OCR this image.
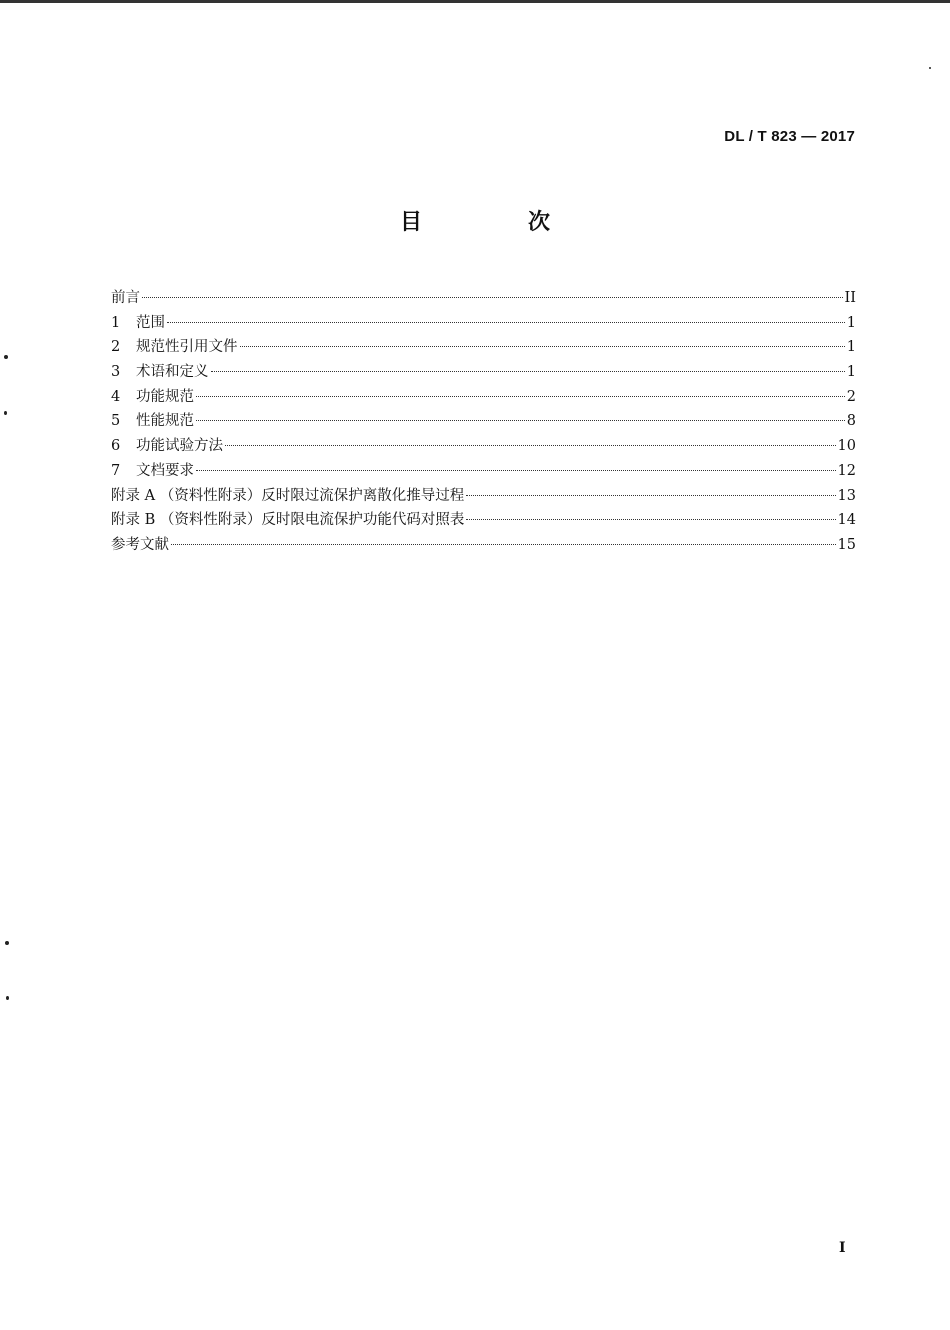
DL / T 823 — 2017
目　次
前言	II
1	范围	1
2	规范性引用文件	1
3	术语和定义	1
4	功能规范	2
5	性能规范	8
6	功能试验方法	10
7	文档要求	12
附录 A （资料性附录）反时限过流保护离散化推导过程	13
附录 B （资料性附录）反时限电流保护功能代码对照表	14
参考文献	15
I
